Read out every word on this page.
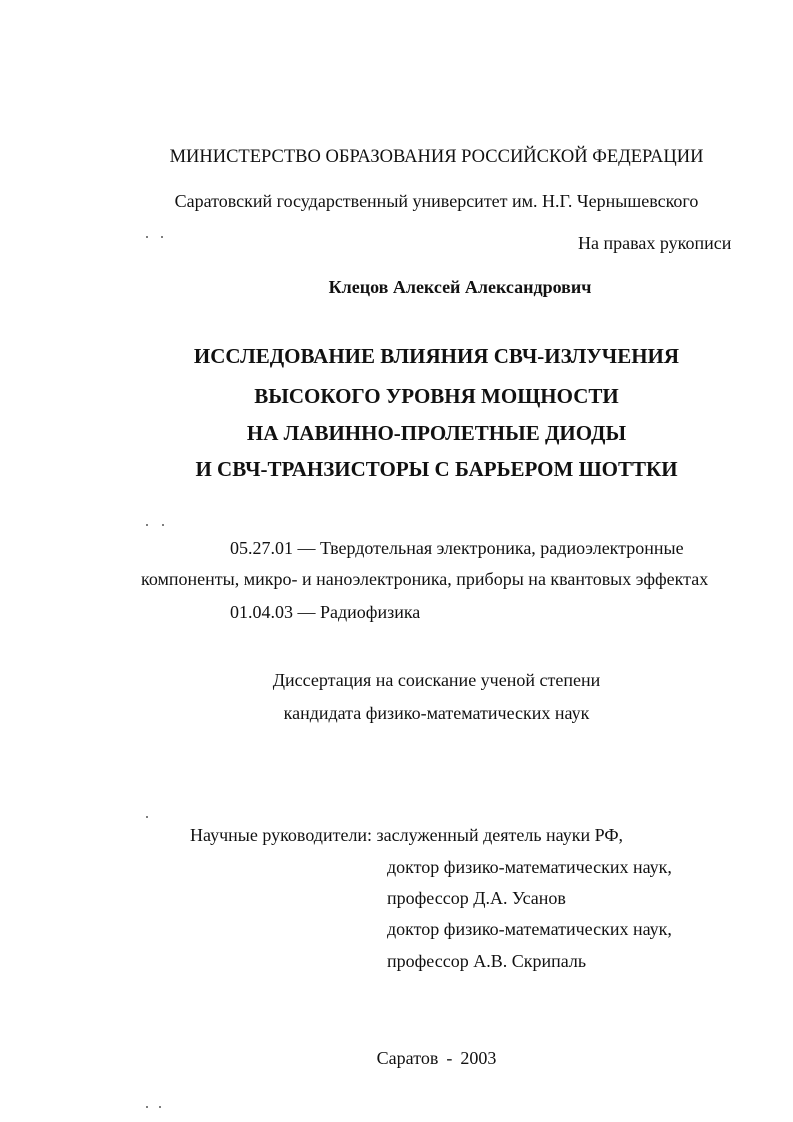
МИНИСТЕРСТВО ОБРАЗОВАНИЯ РОССИЙСКОЙ ФЕДЕРАЦИИ
Саратовский государственный университет им. Н.Г. Чернышевского
На правах рукописи
Клецов Алексей Александрович
ИССЛЕДОВАНИЕ ВЛИЯНИЯ СВЧ-ИЗЛУЧЕНИЯ
ВЫСОКОГО УРОВНЯ МОЩНОСТИ
НА ЛАВИННО-ПРОЛЕТНЫЕ ДИОДЫ
И СВЧ-ТРАНЗИСТОРЫ С БАРЬЕРОМ ШОТТКИ
05.27.01 — Твердотельная электроника, радиоэлектронные
компоненты, микро- и наноэлектроника, приборы на квантовых эффектах
01.04.03 — Радиофизика
Диссертация на соискание ученой степени
кандидата физико-математических наук
Научные руководители: заслуженный деятель науки РФ,
доктор физико-математических наук,
профессор Д.А. Усанов
доктор физико-математических наук,
профессор А.В. Скрипаль
Саратов - 2003
